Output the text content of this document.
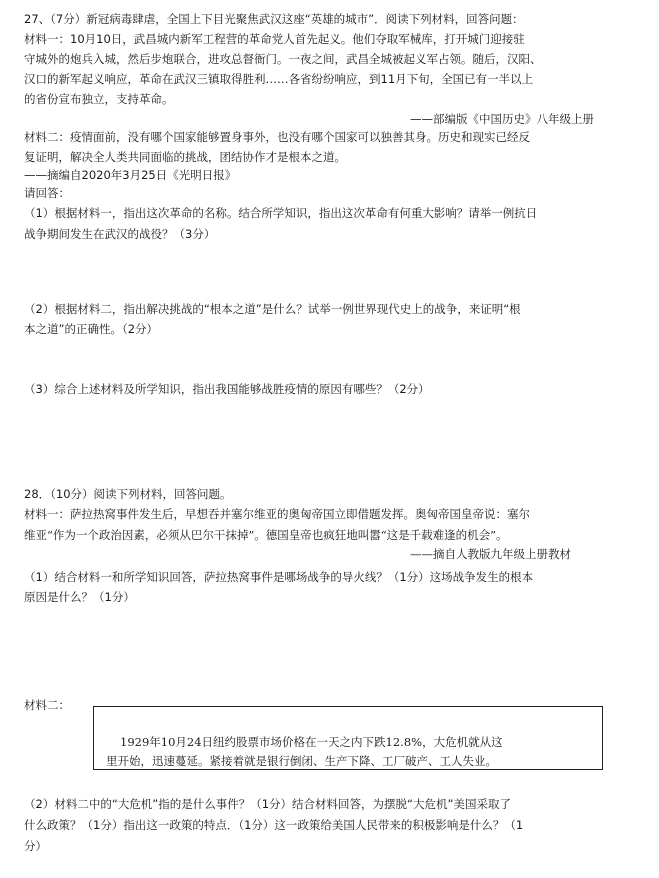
27、（7分）新冠病毒肆虐，全国上下目光聚焦武汉这座“英雄的城市”．阅读下列材料，回答问题：
材料一：10月10日，武昌城内新军工程营的革命党人首先起义。他们夺取军械库，打开城门迎接驻
守城外的炮兵入城，然后步炮联合，进攻总督衙门。一夜之间，武昌全城被起义军占领。随后，汉阳、
汉口的新军起义响应，革命在武汉三镇取得胜利……各省纷纷响应，到11月下旬，全国已有一半以上
的省份宣布独立，支持革命。
——部编版《中国历史》八年级上册
材料二：疫情面前，没有哪个国家能够置身事外，也没有哪个国家可以独善其身。历史和现实已经反
复证明，解决全人类共同面临的挑战，团结协作才是根本之道。
——摘编自2020年3月25日《光明日报》
请回答：
（1）根据材料一，指出这次革命的名称。结合所学知识，指出这次革命有何重大影响？请举一例抗日
战争期间发生在武汉的战役？（3分）
（2）根据材料二，指出解决挑战的“根本之道”是什么？试举一例世界现代史上的战争，来证明“根
本之道”的正确性。（2分）
（3）综合上述材料及所学知识，指出我国能够战胜疫情的原因有哪些？（2分）
28．（10分）阅读下列材料，回答问题。
材料一：萨拉热窝事件发生后，早想吞并塞尔维亚的奥匈帝国立即借题发挥。奥匈帝国皇帝说：塞尔
维亚“作为一个政治因素，必须从巴尔干抹掉”。德国皇帝也疯狂地叫嚣“这是千载难逢的机会”。
——摘自人教版九年级上册教材
（1）结合材料一和所学知识回答，萨拉热窝事件是哪场战争的导火线？（1分）这场战争发生的根本
原因是什么？（1分）
材料二：
1929年10月24日纽约股票市场价格在一天之内下跌12.8%，大危机就从这
里开始，迅速蔓延。紧接着就是银行倒闭、生产下降、工厂破产、工人失业。
（2）材料二中的“大危机”指的是什么事件？（1分）结合材料回答，为摆脱“大危机”美国采取了
什么政策？（1分）指出这一政策的特点．（1分）这一政策给美国人民带来的积极影响是什么？（1
分）
